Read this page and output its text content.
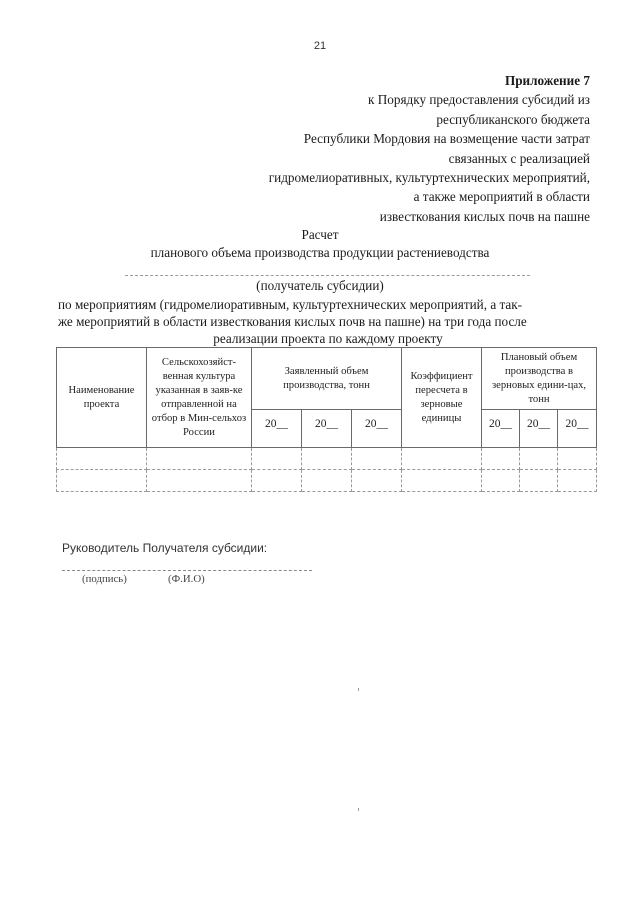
21
Приложение 7
к Порядку предоставления субсидий из
республиканского бюджета
Республики Мордовия на возмещение части затрат
связанных с реализацией
гидромелиоративных, культуртехнических мероприятий,
а также мероприятий в области
известкования кислых почв на пашне
Расчет
планового объема производства продукции растениеводства
(получатель субсидии)
по мероприятиям (гидромелиоративным, культуртехнических мероприятий, а так-
же мероприятий в области известкования кислых почв на пашне) на три года после

реализации проекта по каждому проекту
Наименование проекта	Сельскохозяйст-венная культура указанная в заяв-ке отправленной на отбор в Мин-сельхоз России	Заявленный объем производства, тонн			Коэффициент пересчета в зерновые единицы	Плановый объем производства в зерновых едини-цах, тонн		
		20__	20__	20__		20__	20__	20__

Руководитель Получателя субсидии:
(подпись)	(Ф.И.О)
